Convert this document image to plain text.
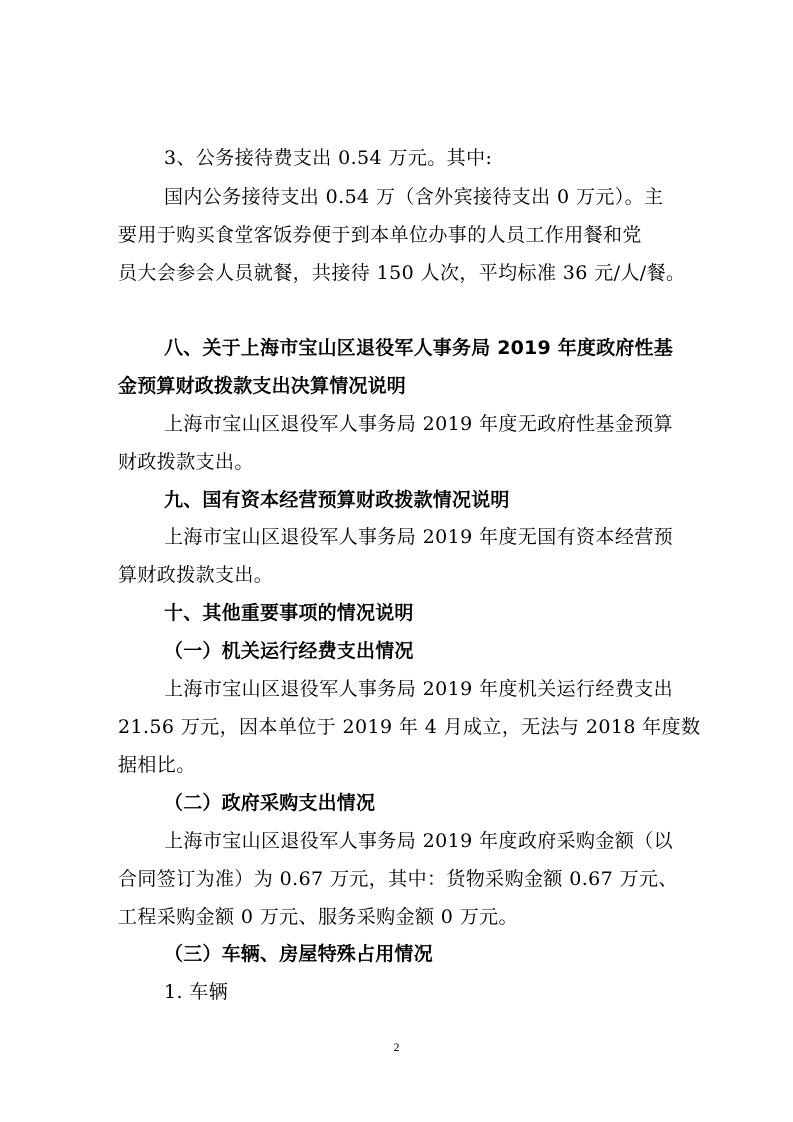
3、公务接待费支出 0.54 万元。其中:
国内公务接待支出 0.54 万（含外宾接待支出 0 万元）。主
要用于购买食堂客饭券便于到本单位办事的人员工作用餐和党
员大会参会人员就餐，共接待 150 人次，平均标准 36 元/人/餐。
八、关于上海市宝山区退役军人事务局 2019 年度政府性基
金预算财政拨款支出决算情况说明
上海市宝山区退役军人事务局 2019 年度无政府性基金预算
财政拨款支出。
九、国有资本经营预算财政拨款情况说明
上海市宝山区退役军人事务局 2019 年度无国有资本经营预
算财政拨款支出。
十、其他重要事项的情况说明
（一）机关运行经费支出情况
上海市宝山区退役军人事务局 2019 年度机关运行经费支出
21.56 万元，因本单位于 2019 年 4 月成立，无法与 2018 年度数
据相比。
（二）政府采购支出情况
上海市宝山区退役军人事务局 2019 年度政府采购金额（以
合同签订为准）为 0.67 万元，其中：货物采购金额 0.67 万元、
工程采购金额 0 万元、服务采购金额 0 万元。
（三）车辆、房屋特殊占用情况
1. 车辆
2
